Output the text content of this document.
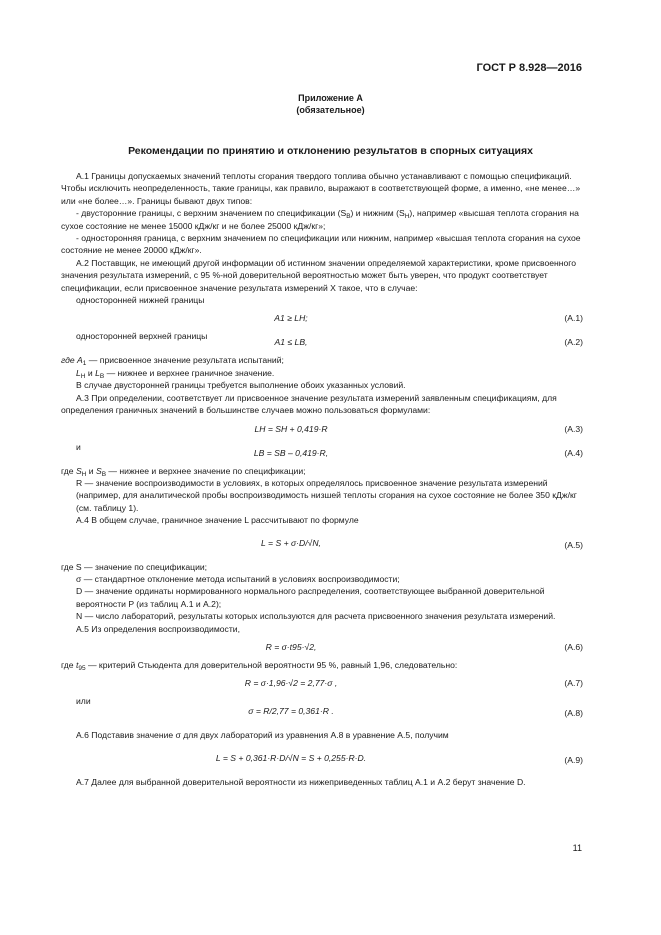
ГОСТ Р 8.928—2016
Приложение А
(обязательное)
Рекомендации по принятию и отклонению результатов в спорных ситуациях

А.1 Границы допускаемых значений теплоты сгорания твердого топлива обычно устанавливают с помощью спецификаций. Чтобы исключить неопределенность, такие границы, как правило, выражают в соответствующей форме, а именно, «не менее…» или «не более…». Границы бывают двух типов:

- двусторонние границы, с верхним значением по спецификации $(S_B)$ и нижним $(S_H)$, например «высшая теплота сгорания на сухое состояние не менее 15000 кДж/кг и не более 25000 кДж/кг»;

- односторонняя граница, с верхним значением по спецификации или нижним, например «высшая теплота сгорания на сухое состояние не менее 20000 кДж/кг».

А.2 Поставщик, не имеющий другой информации об истинном значении определяемой характеристики, кроме присвоенного значения результата измерений, с 95 %-ной доверительной вероятностью может быть уверен, что продукт соответствует спецификации, если присвоенное значение результата измерений X такое, что в случае:

односторонней нижней границы

A1 ≥ LH;	(А.1)
односторонней верхней границы
A1 ≤ LB,	(А.2)

где $A_1$ — присвоенное значение результата испытаний;

$L_H$ и $L_B$ — нижнее и верхнее граничное значение.

В случае двусторонней границы требуется выполнение обоих указанных условий.

А.3 При определении, соответствует ли присвоенное значение результата измерений заявленным спецификациям, для определения граничных значений в большинстве случаев можно пользоваться формулами:

LH = SH + 0,419·R	(А.3)
и
LB = SB – 0,419·R,	(А.4)

где $S_H$ и $S_B$ — нижнее и верхнее значение по спецификации;

R — значение воспроизводимости в условиях, в которых определялось присвоенное значение результата измерений (например, для аналитической пробы воспроизводимость низшей теплоты сгорания на сухое состояние не более 350 кДж/кг (см. таблицу 1).

А.4 В общем случае, граничное значение L рассчитывают по формуле

L = S + σ·D/√N,	(А.5)

где S — значение по спецификации;

σ — стандартное отклонение метода испытаний в условиях воспроизводимости;

D — значение ординаты нормированного нормального распределения, соответствующее выбранной доверительной вероятности P (из таблиц А.1 и А.2);

N — число лабораторий, результаты которых используются для расчета присвоенного значения результата измерений.

А.5 Из определения воспроизводимости,

R = σ·t95·√2,	(А.6)

где $t_{95}$ — критерий Стьюдента для доверительной вероятности 95 %, равный 1,96, следовательно:

R = σ·1,96·√2 = 2,77·σ ,	(А.7)
или
σ = R/2,77 = 0,361·R .	(А.8)

А.6 Подставив значение σ для двух лабораторий из уравнения А.8 в уравнение А.5, получим

L = S + 0,361·R·D/√N = S + 0,255·R·D.	(А.9)

А.7 Далее для выбранной доверительной вероятности из нижеприведенных таблиц А.1 и А.2 берут значение D.

11
